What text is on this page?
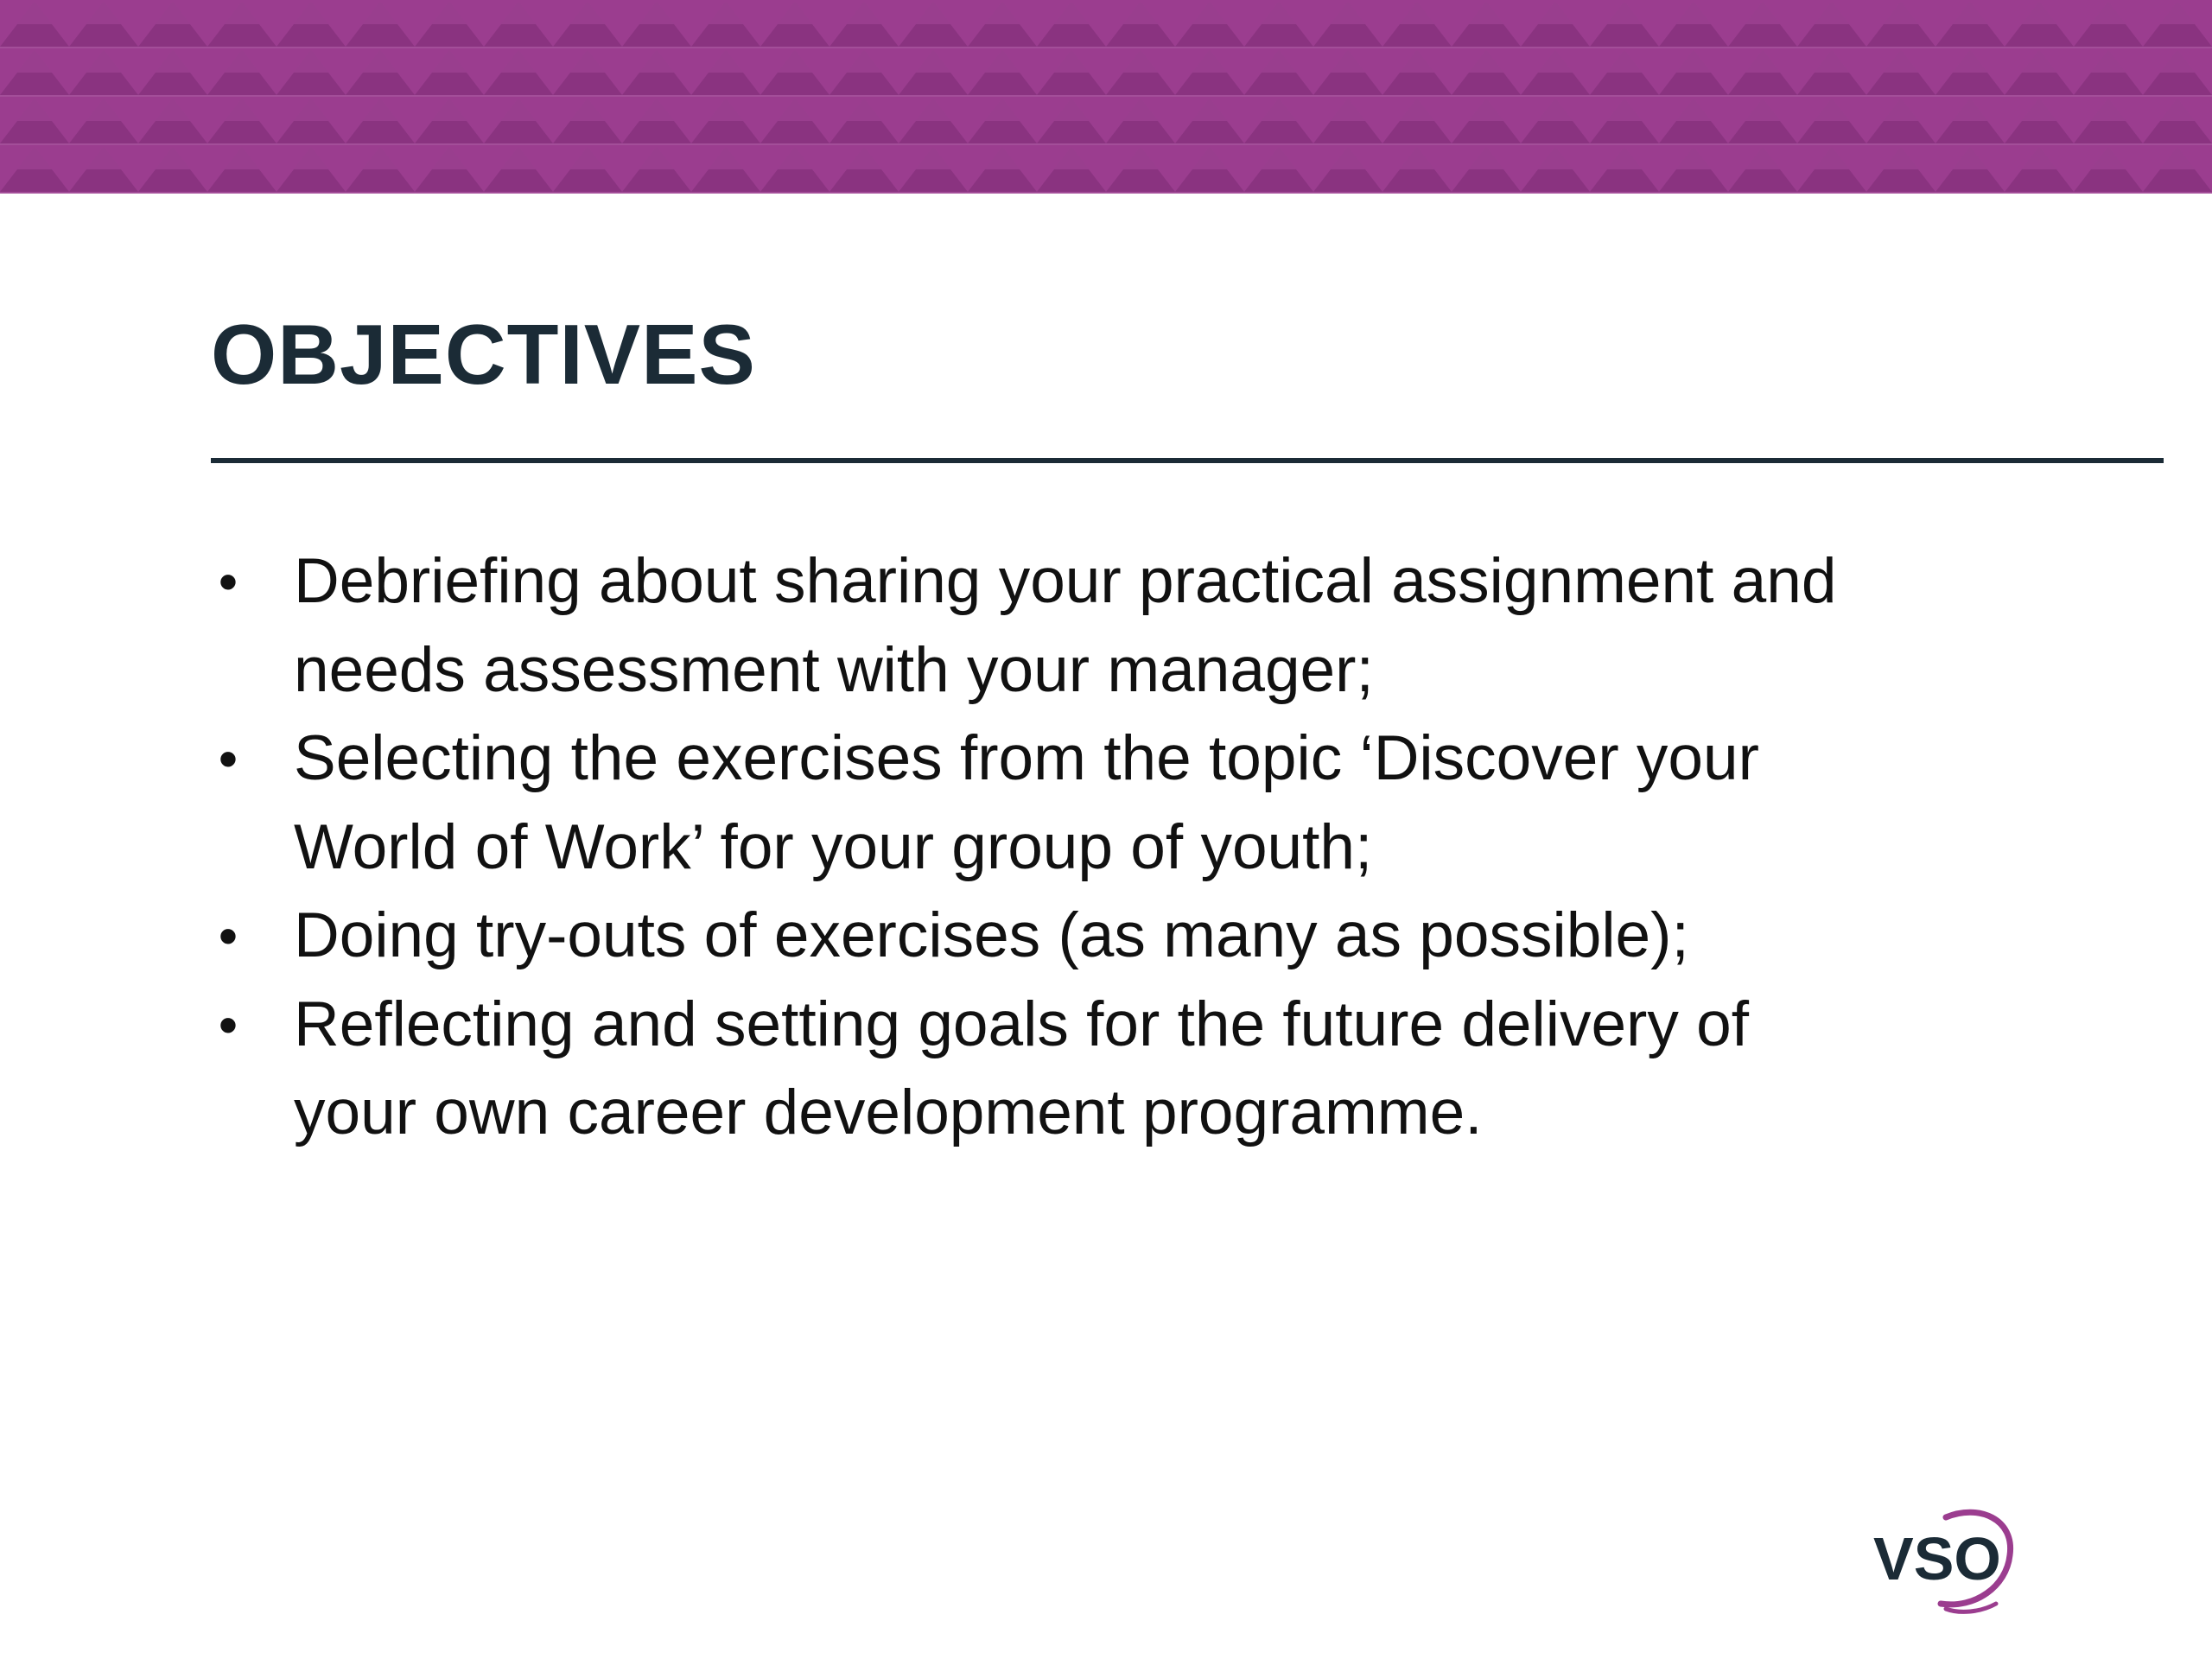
OBJECTIVES
• Debriefing about sharing your practical assignment and needs assessment with your manager;
• Selecting the exercises from the topic ‘Discover your World of Work’ for your group of youth;
• Doing try-outs of exercises (as many as possible);
• Reflecting and setting goals for the future delivery of your own career development programme.
VSO
